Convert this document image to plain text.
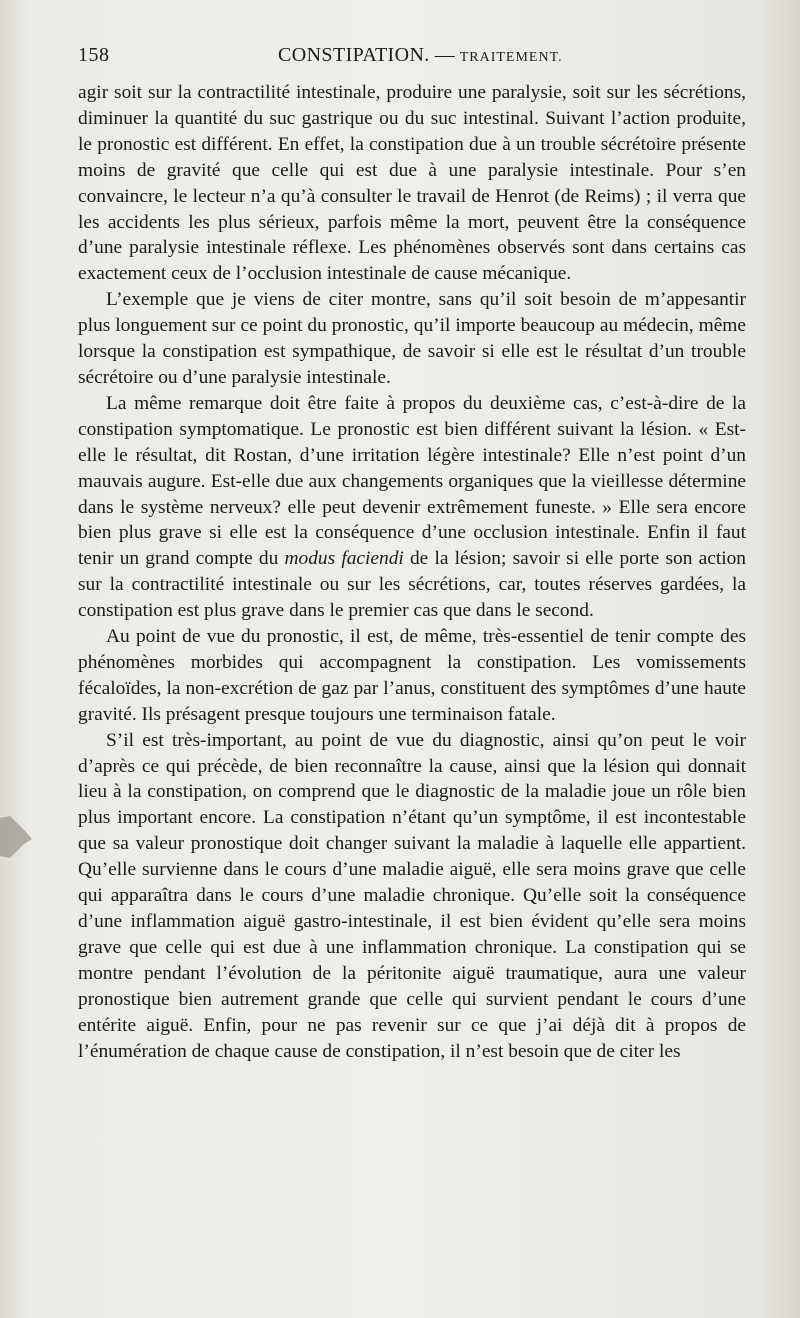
158	CONSTIPATION. — TRAITEMENT.

agir soit sur la contractilité intestinale, produire une paralysie, soit sur les sécrétions, diminuer la quantité du suc gastrique ou du suc intestinal. Suivant l’action produite, le pronostic est différent. En effet, la constipation due à un trouble sécrétoire présente moins de gravité que celle qui est due à une paralysie intestinale. Pour s’en convaincre, le lecteur n’a qu’à consulter le travail de Henrot (de Reims) ; il verra que les accidents les plus sérieux, parfois même la mort, peuvent être la conséquence d’une paralysie intestinale réflexe. Les phénomènes observés sont dans certains cas exactement ceux de l’occlusion intestinale de cause mécanique.

L’exemple que je viens de citer montre, sans qu’il soit besoin de m’appesantir plus longuement sur ce point du pronostic, qu’il importe beaucoup au médecin, même lorsque la constipation est sympathique, de savoir si elle est le résultat d’un trouble sécrétoire ou d’une paralysie intestinale.

La même remarque doit être faite à propos du deuxième cas, c’est-à-dire de la constipation symptomatique. Le pronostic est bien différent suivant la lésion. « Est-elle le résultat, dit Rostan, d’une irritation légère intestinale? Elle n’est point d’un mauvais augure. Est-elle due aux changements organiques que la vieillesse détermine dans le système nerveux? elle peut devenir extrêmement funeste. » Elle sera encore bien plus grave si elle est la conséquence d’une occlusion intestinale. Enfin il faut tenir un grand compte du modus faciendi de la lésion; savoir si elle porte son action sur la contractilité intestinale ou sur les sécrétions, car, toutes réserves gardées, la constipation est plus grave dans le premier cas que dans le second.

Au point de vue du pronostic, il est, de même, très-essentiel de tenir compte des phénomènes morbides qui accompagnent la constipation. Les vomissements fécaloïdes, la non-excrétion de gaz par l’anus, constituent des symptômes d’une haute gravité. Ils présagent presque toujours une terminaison fatale.

S’il est très-important, au point de vue du diagnostic, ainsi qu’on peut le voir d’après ce qui précède, de bien reconnaître la cause, ainsi que la lésion qui donnait lieu à la constipation, on comprend que le diagnostic de la maladie joue un rôle bien plus important encore. La constipation n’étant qu’un symptôme, il est incontestable que sa valeur pronostique doit changer suivant la maladie à laquelle elle appartient. Qu’elle survienne dans le cours d’une maladie aiguë, elle sera moins grave que celle qui apparaîtra dans le cours d’une maladie chronique. Qu’elle soit la conséquence d’une inflammation aiguë gastro-intestinale, il est bien évident qu’elle sera moins grave que celle qui est due à une inflammation chronique. La constipation qui se montre pendant l’évolution de la péritonite aiguë traumatique, aura une valeur pronostique bien autrement grande que celle qui survient pendant le cours d’une entérite aiguë. Enfin, pour ne pas revenir sur ce que j’ai déjà dit à propos de l’énumération de chaque cause de constipation, il n’est besoin que de citer les
